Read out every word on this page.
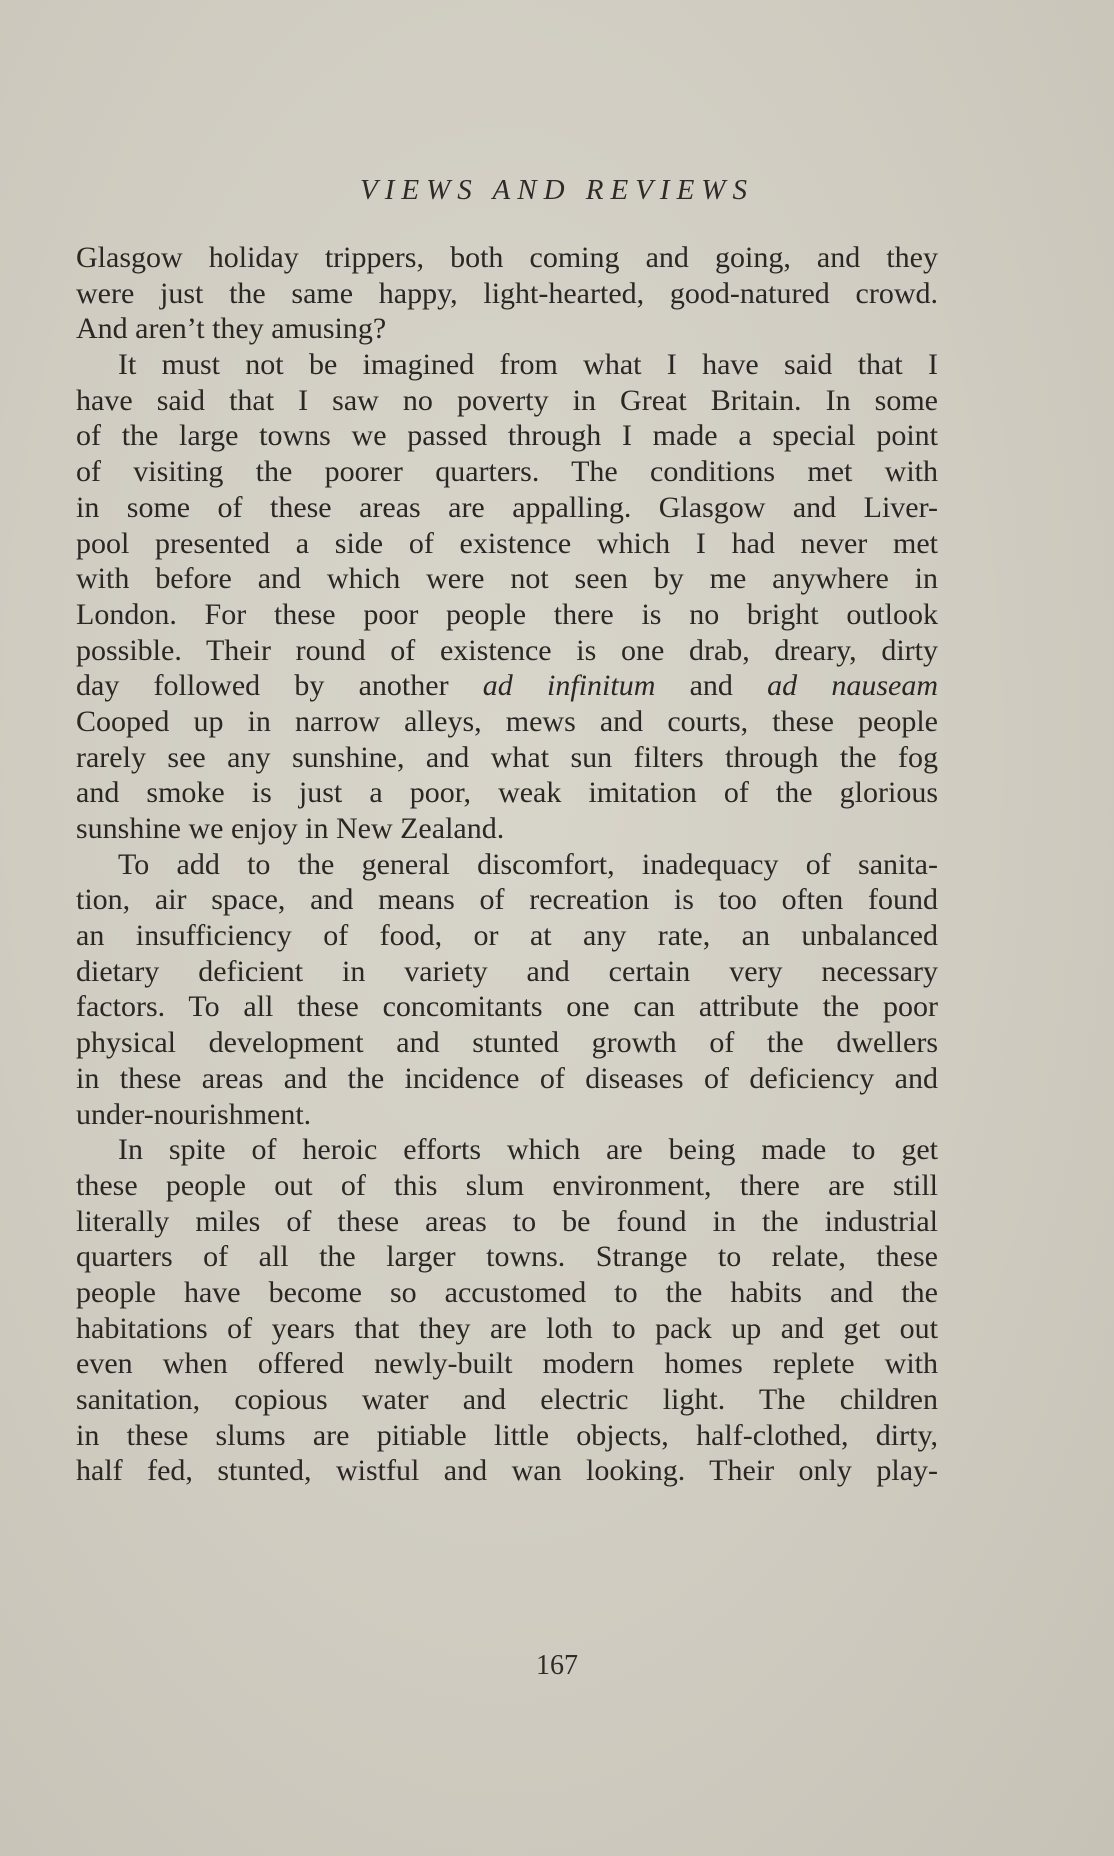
VIEWS AND REVIEWS
Glasgow holiday trippers, both coming and going, and they
were just the same happy, light-hearted, good-natured crowd.
And aren’t they amusing?
It must not be imagined from what I have said that I
have said that I saw no poverty in Great Britain. In some
of the large towns we passed through I made a special point
of visiting the poorer quarters. The conditions met with
in some of these areas are appalling. Glasgow and Liver-
pool presented a side of existence which I had never met
with before and which were not seen by me anywhere in
London. For these poor people there is no bright outlook
possible. Their round of existence is one drab, dreary, dirty
day followed by another ad infinitum and ad nauseam
Cooped up in narrow alleys, mews and courts, these people
rarely see any sunshine, and what sun filters through the fog
and smoke is just a poor, weak imitation of the glorious
sunshine we enjoy in New Zealand.
To add to the general discomfort, inadequacy of sanita-
tion, air space, and means of recreation is too often found
an insufficiency of food, or at any rate, an unbalanced
dietary deficient in variety and certain very necessary
factors. To all these concomitants one can attribute the poor
physical development and stunted growth of the dwellers
in these areas and the incidence of diseases of deficiency and
under-nourishment.
In spite of heroic efforts which are being made to get
these people out of this slum environment, there are still
literally miles of these areas to be found in the industrial
quarters of all the larger towns. Strange to relate, these
people have become so accustomed to the habits and the
habitations of years that they are loth to pack up and get out
even when offered newly-built modern homes replete with
sanitation, copious water and electric light. The children
in these slums are pitiable little objects, half-clothed, dirty,
half fed, stunted, wistful and wan looking. Their only play-
167
